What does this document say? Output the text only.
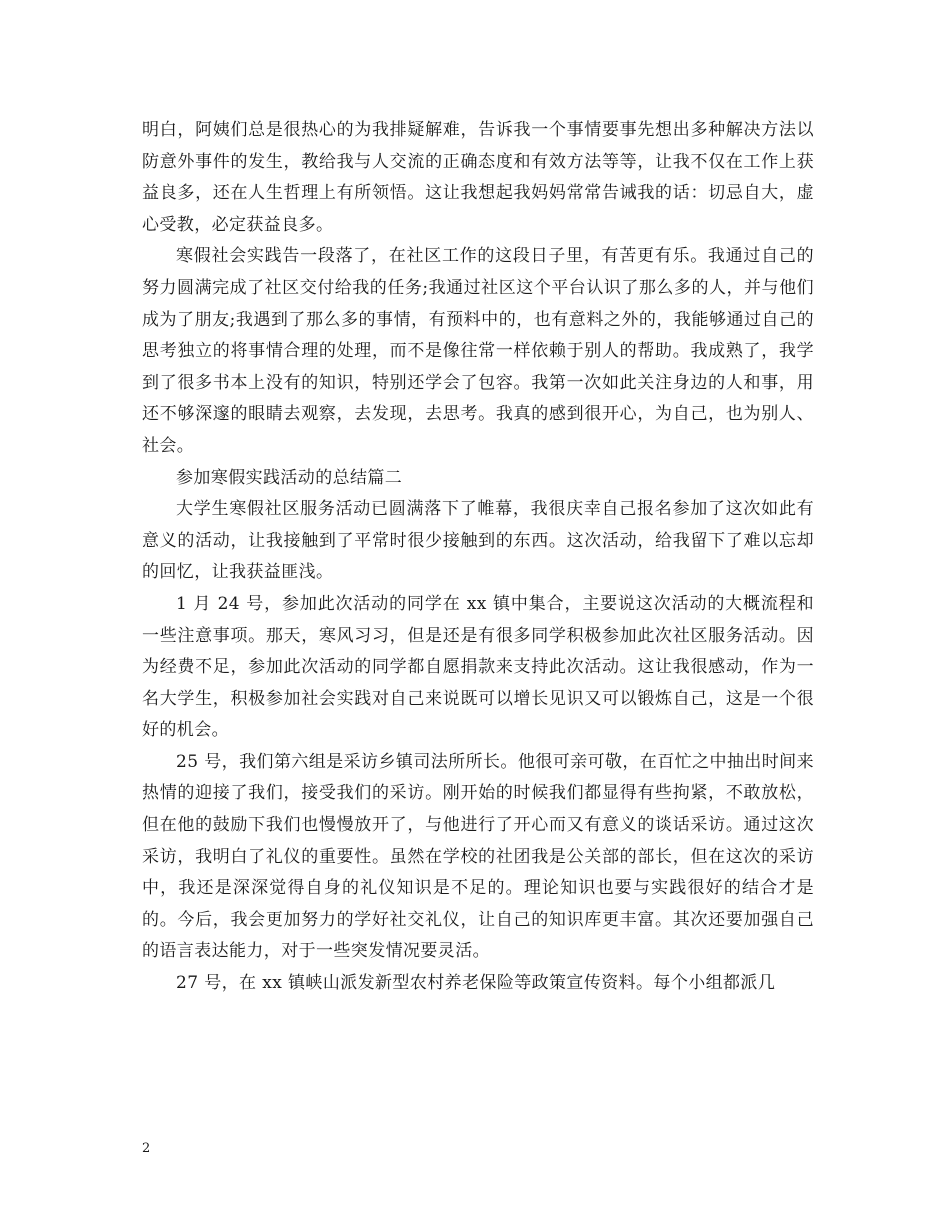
明白，阿姨们总是很热心的为我排疑解难，告诉我一个事情要事先想出多种解决方法以防意外事件的发生，教给我与人交流的正确态度和有效方法等等，让我不仅在工作上获益良多，还在人生哲理上有所领悟。这让我想起我妈妈常常告诫我的话：切忌自大，虚心受教，必定获益良多。

寒假社会实践告一段落了，在社区工作的这段日子里，有苦更有乐。我通过自己的努力圆满完成了社区交付给我的任务;我通过社区这个平台认识了那么多的人，并与他们成为了朋友;我遇到了那么多的事情，有预料中的，也有意料之外的，我能够通过自己的思考独立的将事情合理的处理，而不是像往常一样依赖于别人的帮助。我成熟了，我学到了很多书本上没有的知识，特别还学会了包容。我第一次如此关注身边的人和事，用还不够深邃的眼睛去观察，去发现，去思考。我真的感到很开心，为自己，也为别人、社会。

参加寒假实践活动的总结篇二

大学生寒假社区服务活动已圆满落下了帷幕，我很庆幸自己报名参加了这次如此有意义的活动，让我接触到了平常时很少接触到的东西。这次活动，给我留下了难以忘却的回忆，让我获益匪浅。

1 月 24 号，参加此次活动的同学在 xx 镇中集合，主要说这次活动的大概流程和一些注意事项。那天，寒风习习，但是还是有很多同学积极参加此次社区服务活动。因为经费不足，参加此次活动的同学都自愿捐款来支持此次活动。这让我很感动，作为一名大学生，积极参加社会实践对自己来说既可以增长见识又可以锻炼自己，这是一个很好的机会。

25 号，我们第六组是采访乡镇司法所所长。他很可亲可敬，在百忙之中抽出时间来热情的迎接了我们，接受我们的采访。刚开始的时候我们都显得有些拘紧，不敢放松，但在他的鼓励下我们也慢慢放开了，与他进行了开心而又有意义的谈话采访。通过这次采访，我明白了礼仪的重要性。虽然在学校的社团我是公关部的部长，但在这次的采访中，我还是深深觉得自身的礼仪知识是不足的。理论知识也要与实践很好的结合才是的。今后，我会更加努力的学好社交礼仪，让自己的知识库更丰富。其次还要加强自己的语言表达能力，对于一些突发情况要灵活。

27 号，在 xx 镇峡山派发新型农村养老保险等政策宣传资料。每个小组都派几

2
